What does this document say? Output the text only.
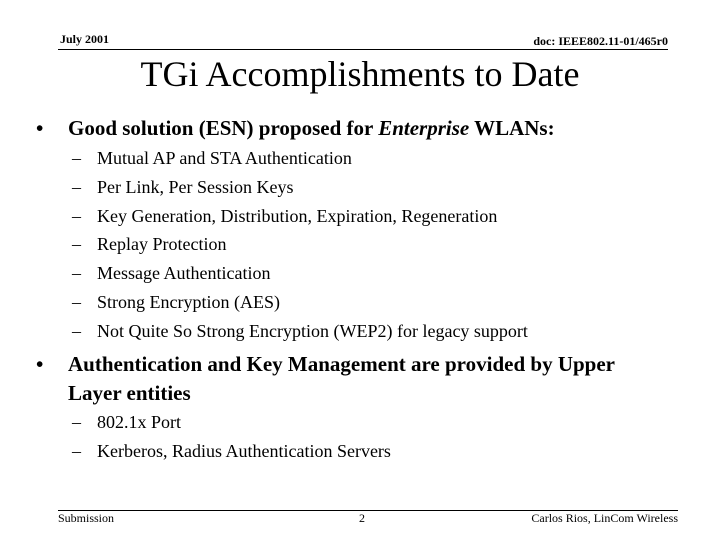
July 2001	doc: IEEE802.11-01/465r0
TGi Accomplishments to Date
• Good solution (ESN) proposed for Enterprise WLANs:
– Mutual AP and STA Authentication
– Per Link, Per Session Keys
– Key Generation, Distribution, Expiration, Regeneration
– Replay Protection
– Message Authentication
– Strong Encryption (AES)
– Not Quite So Strong Encryption (WEP2) for legacy support
• Authentication and Key Management are provided by Upper
Layer entities
– 802.1x Port
– Kerberos, Radius Authentication Servers
Submission	2	Carlos Rios, LinCom Wireless
